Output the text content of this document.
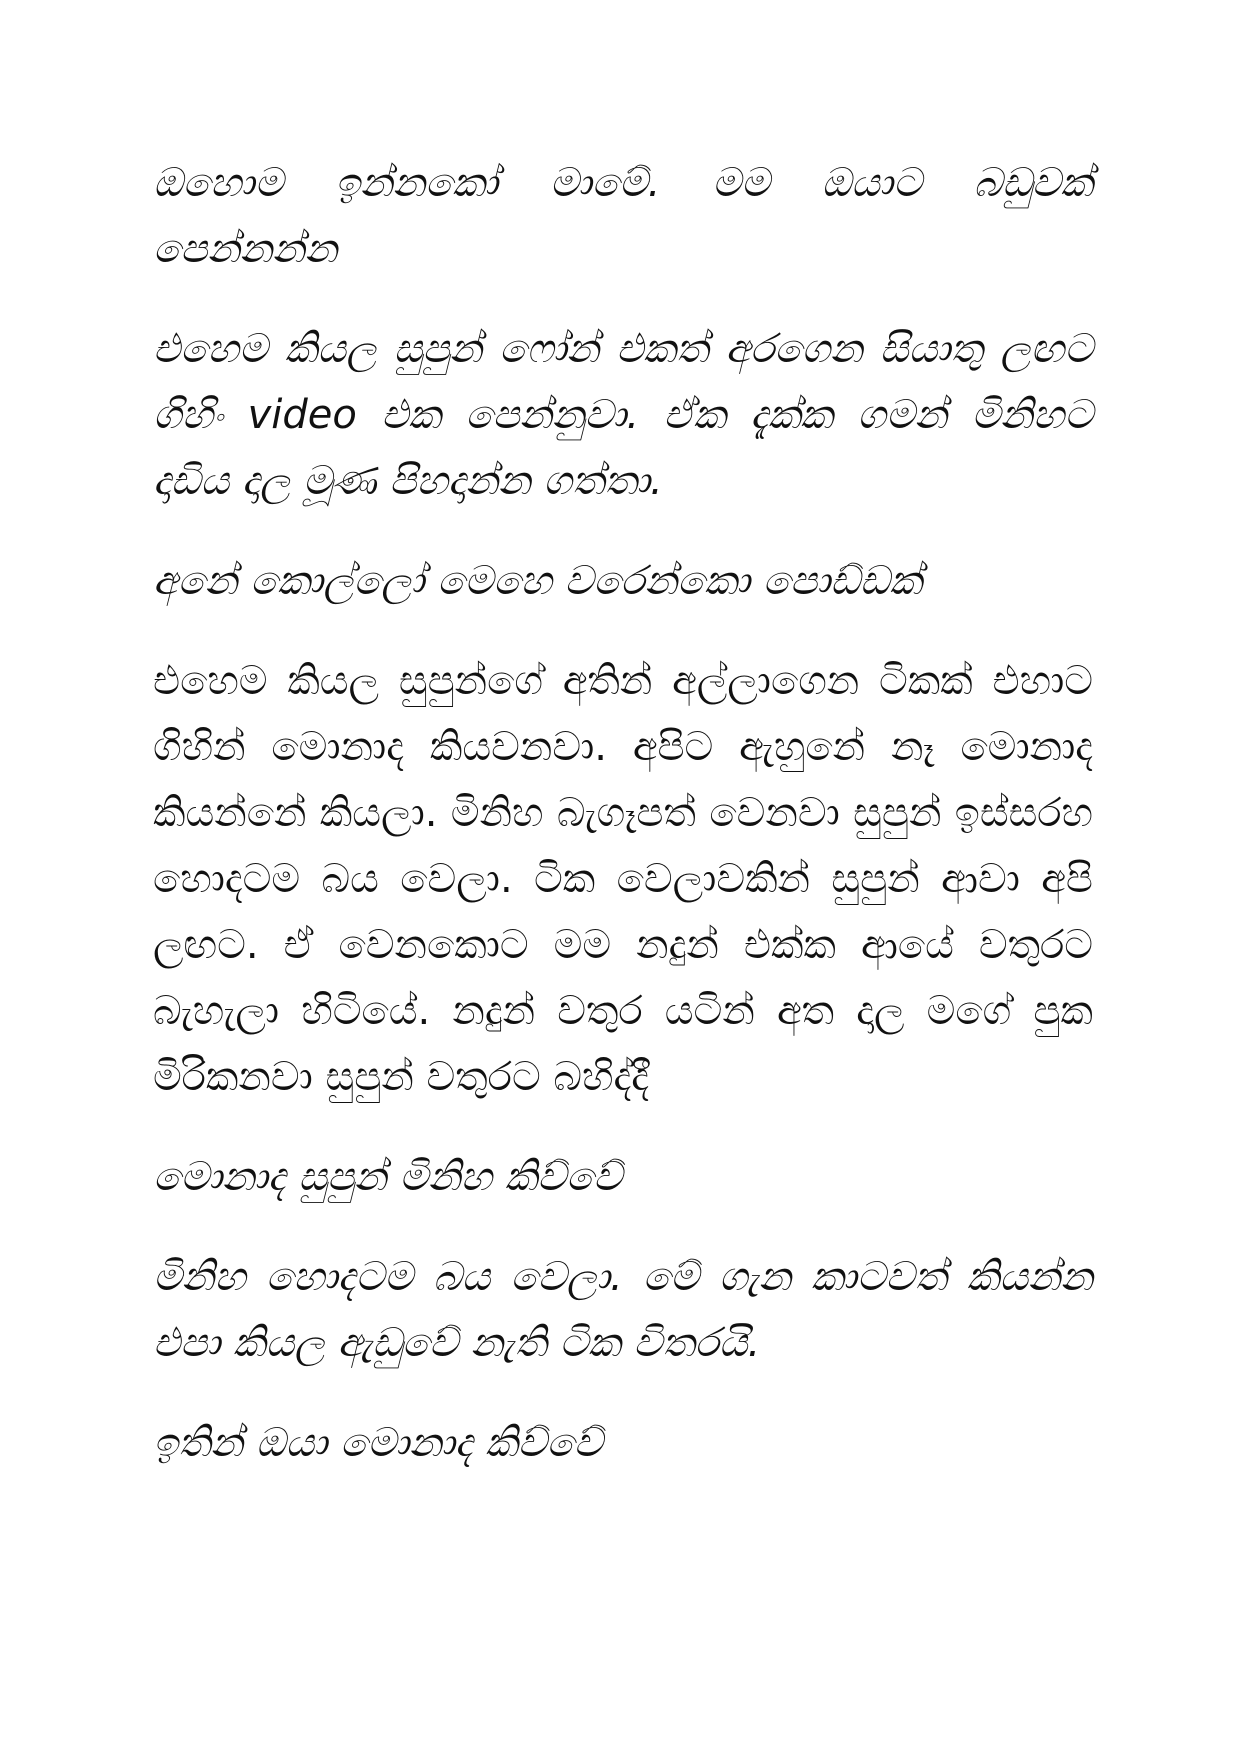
ඔහොම ඉන්නකෝ මාමේ. මම ඔයාට බඩුවක් පෙන්නන්න

එහෙම කියල සුපුන් ෆෝන් එකත් අරගෙන සියාතු ලඟට ගිහිං video එක පෙන්නුවා. ඒක දැක්ක ගමන් මිනිහට දාඩිය දාල මූණ පිහදාන්න ගත්තා.

අනේ කොල්ලෝ මෙහෙ වරෙන්කො පොඩ්ඩක්

එහෙම කියල සුපුන්ගේ අතින් අල්ලාගෙන ටිකක් එහාට ගිහින් මොනාද කියවනවා. අපිට ඇහුනේ නෑ මොනාද කියන්නේ කියලා. මිනිහ බැගෑපත් වෙනවා සුපුන් ඉස්සරහ හොදටම බය වෙලා. ටික වෙලාවකින් සුපුන් ආවා අපි ලඟට. ඒ වෙනකොට මම නදුන් එක්ක ආයේ වතුරට බැහැලා හිටියේ. නදුන් වතුර යටින් අත දාල මගේ පුක මිරිකනවා සුපුන් වතුරට බහිද්දී

මොනාද සුපුන් මිනිහ කිව්වේ

මිනිහ හොදටම බය වෙලා. මේ ගැන කාටවත් කියන්න එපා කියල ඇඩුවේ නැති ටික විතරයි.

ඉතින් ඔයා මොනාද කිව්වේ
